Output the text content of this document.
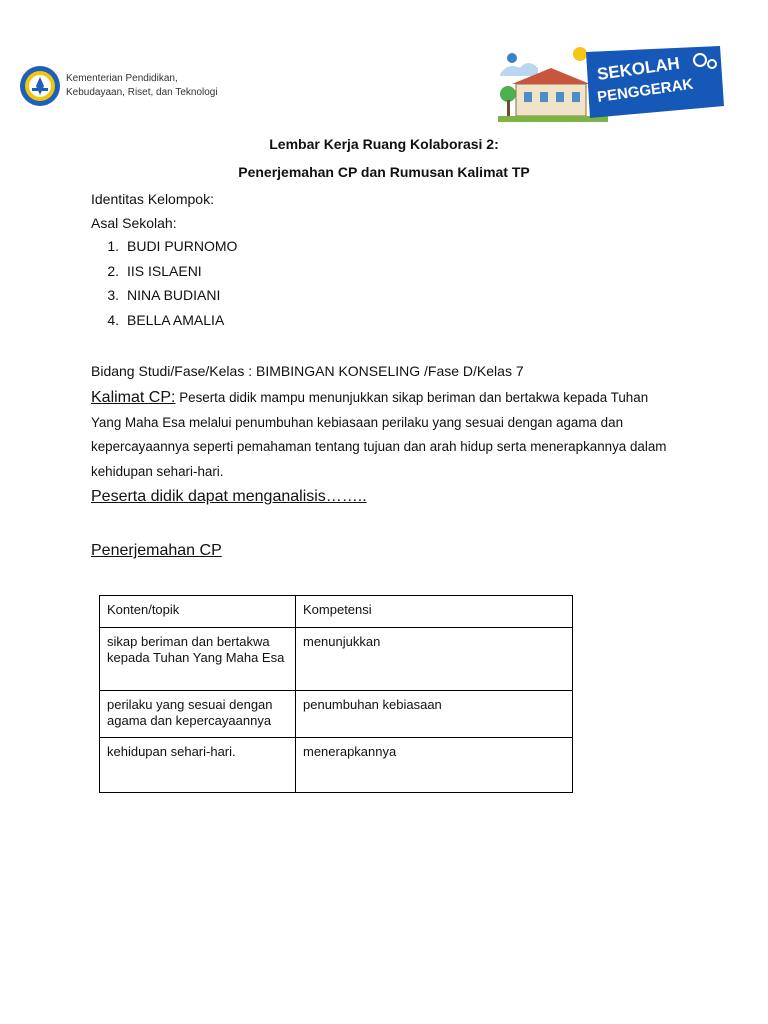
Kementerian Pendidikan,
Kebudayaan, Riset, dan Teknologi
SEKOLAH
PENGGERAK
Lembar Kerja Ruang Kolaborasi 2:
Penerjemahan CP dan Rumusan Kalimat TP
Identitas Kelompok:
Asal Sekolah:
1. BUDI PURNOMO
2. IIS ISLAENI
3. NINA BUDIANI
4. BELLA AMALIA
Bidang Studi/Fase/Kelas : BIMBINGAN KONSELING /Fase D/Kelas 7
Kalimat CP: Peserta didik mampu menunjukkan sikap beriman dan bertakwa kepada Tuhan Yang Maha Esa melalui penumbuhan kebiasaan perilaku yang sesuai dengan agama dan kepercayaannya seperti pemahaman tentang tujuan dan arah hidup serta menerapkannya dalam kehidupan sehari-hari.
Peserta didik dapat menganalisis……..
Penerjemahan CP
Konten/topik	Kompetensi
sikap beriman dan bertakwa kepada Tuhan Yang Maha Esa	menunjukkan
perilaku yang sesuai dengan agama dan kepercayaannya	penumbuhan kebiasaan
kehidupan sehari-hari.	menerapkannya
